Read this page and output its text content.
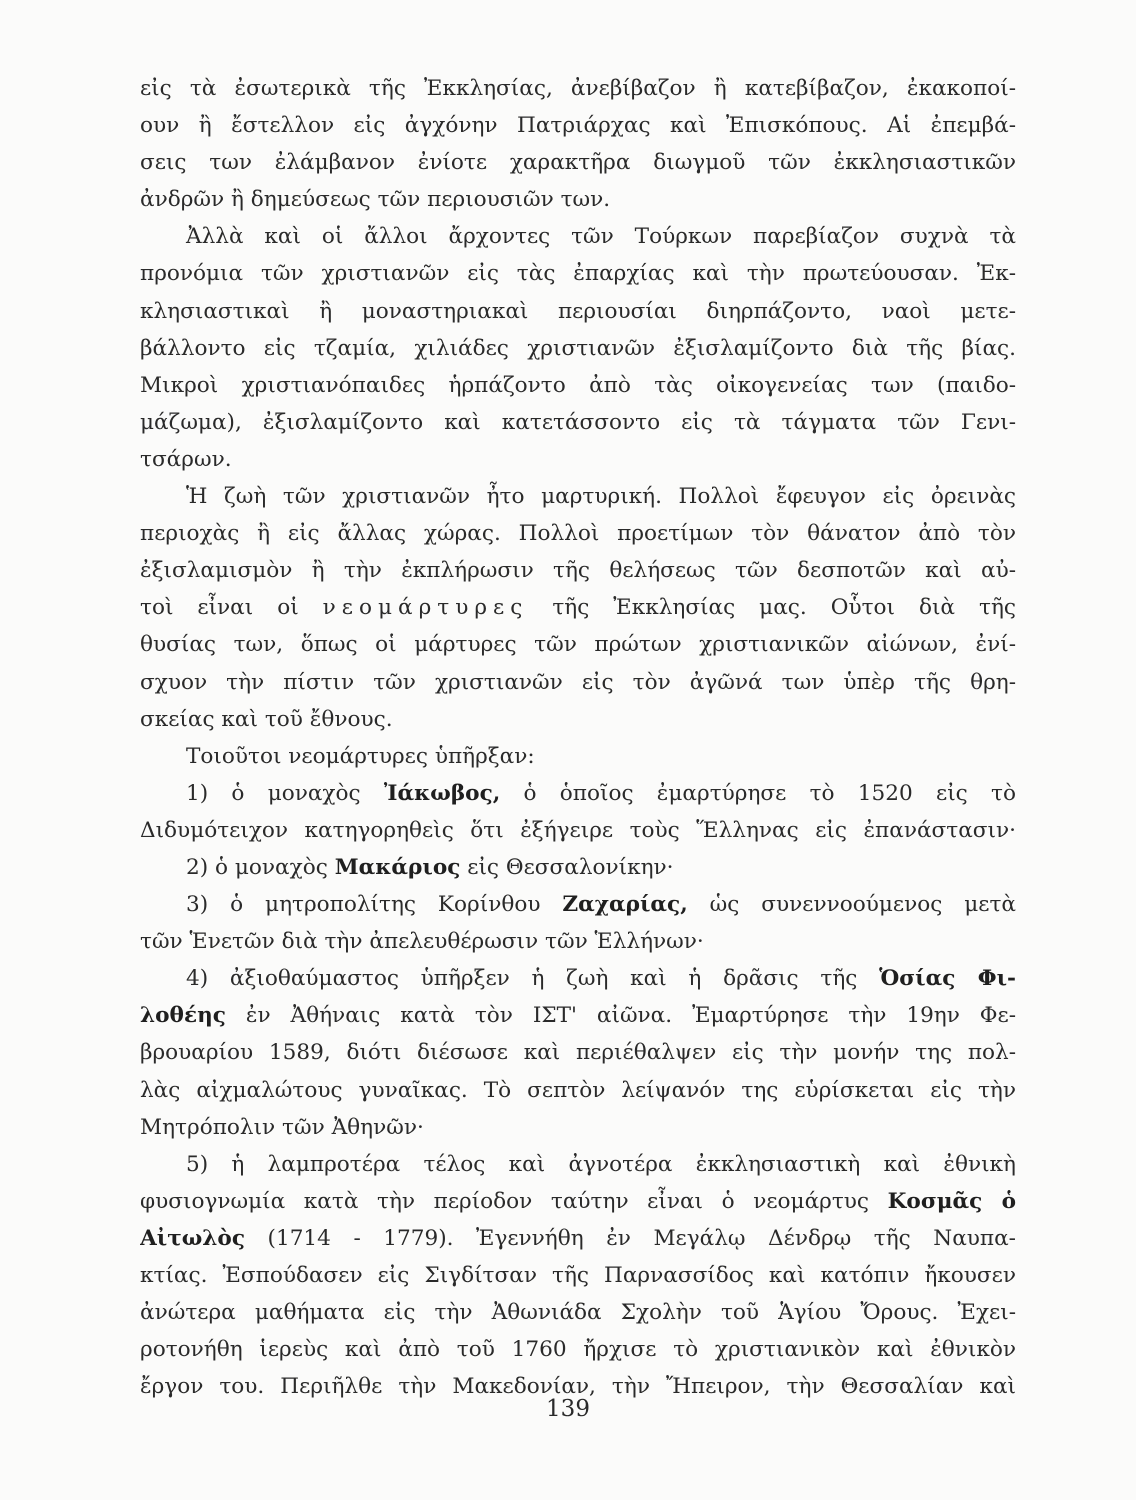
εἰς τὰ ἐσωτερικὰ τῆς Ἐκκλησίας, ἀνεβίβαζον ἢ κατεβίβαζον, ἐκακοποί-
ουν ἢ ἔστελλον εἰς ἀγχόνην Πατριάρχας καὶ Ἐπισκόπους. Αἱ ἐπεμβά-
σεις των ἐλάμβανον ἐνίοτε χαρακτῆρα διωγμοῦ τῶν ἐκκλησιαστικῶν
ἀνδρῶν ἢ δημεύσεως τῶν περιουσιῶν των.
Ἀλλὰ καὶ οἱ ἄλλοι ἄρχοντες τῶν Τούρκων παρεβίαζον συχνὰ τὰ
προνόμια τῶν χριστιανῶν εἰς τὰς ἐπαρχίας καὶ τὴν πρωτεύουσαν. Ἐκ-
κλησιαστικαὶ ἢ μοναστηριακαὶ περιουσίαι διηρπάζοντο, ναοὶ μετε-
βάλλοντο εἰς τζαμία, χιλιάδες χριστιανῶν ἐξισλαμίζοντο διὰ τῆς βίας.
Μικροὶ χριστιανόπαιδες ἡρπάζοντο ἀπὸ τὰς οἰκογενείας των (παιδο-
μάζωμα), ἐξισλαμίζοντο καὶ κατετάσσοντο εἰς τὰ τάγματα τῶν Γενι-
τσάρων.
Ἡ ζωὴ τῶν χριστιανῶν ἦτο μαρτυρική. Πολλοὶ ἔφευγον εἰς ὀρεινὰς
περιοχὰς ἢ εἰς ἄλλας χώρας. Πολλοὶ προετίμων τὸν θάνατον ἀπὸ τὸν
ἐξισλαμισμὸν ἢ τὴν ἐκπλήρωσιν τῆς θελήσεως τῶν δεσποτῶν καὶ αὐ-
τοὶ εἶναι οἱ νεομάρτυρες τῆς Ἐκκλησίας μας. Οὗτοι διὰ τῆς
θυσίας των, ὅπως οἱ μάρτυρες τῶν πρώτων χριστιανικῶν αἰώνων, ἐνί-
σχυον τὴν πίστιν τῶν χριστιανῶν εἰς τὸν ἀγῶνά των ὑπὲρ τῆς θρη-
σκείας καὶ τοῦ ἔθνους.
Τοιοῦτοι νεομάρτυρες ὑπῆρξαν:
1) ὁ μοναχὸς Ἰάκωβος, ὁ ὁποῖος ἐμαρτύρησε τὸ 1520 εἰς τὸ
Διδυμότειχον κατηγορηθεὶς ὅτι ἐξήγειρε τοὺς Ἕλληνας εἰς ἐπανάστασιν·
2) ὁ μοναχὸς Μακάριος εἰς Θεσσαλονίκην·
3) ὁ μητροπολίτης Κορίνθου Ζαχαρίας, ὡς συνεννοούμενος μετὰ
τῶν Ἑνετῶν διὰ τὴν ἀπελευθέρωσιν τῶν Ἑλλήνων·
4) ἀξιοθαύμαστος ὑπῆρξεν ἡ ζωὴ καὶ ἡ δρᾶσις τῆς Ὁσίας Φι-
λοθέης ἐν Ἀθήναις κατὰ τὸν ΙΣΤ' αἰῶνα. Ἐμαρτύρησε τὴν 19ην Φε-
βρουαρίου 1589, διότι διέσωσε καὶ περιέθαλψεν εἰς τὴν μονήν της πολ-
λὰς αἰχμαλώτους γυναῖκας. Τὸ σεπτὸν λείψανόν της εὑρίσκεται εἰς τὴν
Μητρόπολιν τῶν Ἀθηνῶν·
5) ἡ λαμπροτέρα τέλος καὶ ἀγνοτέρα ἐκκλησιαστικὴ καὶ ἐθνικὴ
φυσιογνωμία κατὰ τὴν περίοδον ταύτην εἶναι ὁ νεομάρτυς Κοσμᾶς ὁ
Αἰτωλὸς (1714 - 1779). Ἐγεννήθη ἐν Μεγάλῳ Δένδρῳ τῆς Ναυπα-
κτίας. Ἐσπούδασεν εἰς Σιγδίτσαν τῆς Παρνασσίδος καὶ κατόπιν ἤκουσεν
ἀνώτερα μαθήματα εἰς τὴν Ἀθωνιάδα Σχολὴν τοῦ Ἁγίου Ὄρους. Ἐχει-
ροτονήθη ἱερεὺς καὶ ἀπὸ τοῦ 1760 ἤρχισε τὸ χριστιανικὸν καὶ ἐθνικὸν
ἔργον του. Περιῆλθε τὴν Μακεδονίαν, τὴν Ἤπειρον, τὴν Θεσσαλίαν καὶ
139
